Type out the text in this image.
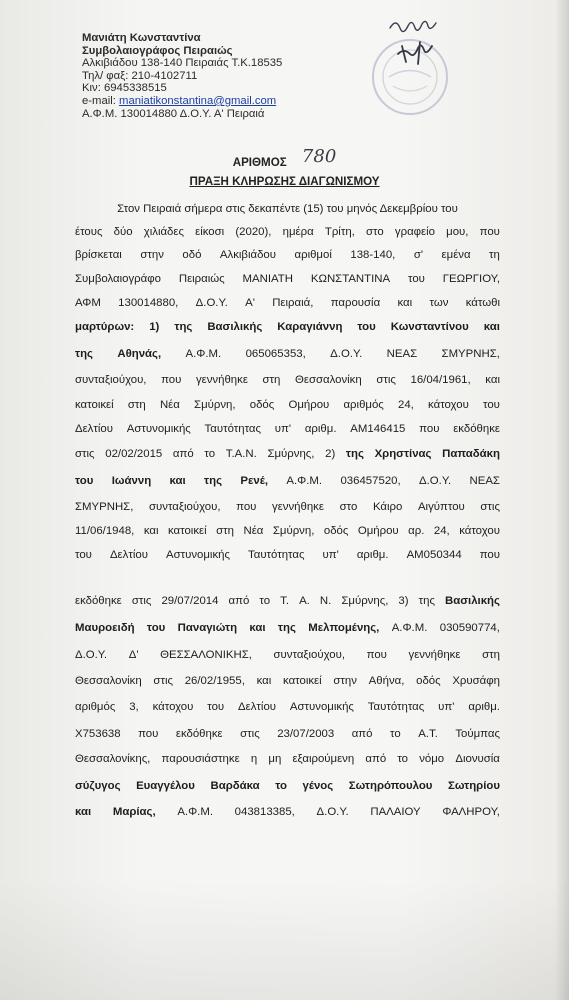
Μανιάτη Κωνσταντίνα
Συμβολαιογράφος Πειραιώς
Αλκιβιάδου 138-140 Πειραιάς Τ.Κ.18535
Τηλ/ φαξ: 210-4102711
Κιν: 6945338515
e-mail: maniatikonstantina@gmail.com
Α.Φ.Μ. 130014880 Δ.Ο.Υ. Α' Πειραιά
ΑΡΙΘΜΟΣ 780
ΠΡΑΞΗ ΚΛΗΡΩΣΗΣ ΔΙΑΓΩΝΙΣΜΟΥ
Στον Πειραιά σήμερα στις δεκαπέντε (15) του μηνός Δεκεμβρίου του
έτους δύο χιλιάδες είκοσι (2020), ημέρα Τρίτη, στο γραφείο μου, που
βρίσκεται στην οδό Αλκιβιάδου αριθμοί 138-140, σ' εμένα τη
Συμβολαιογράφο Πειραιώς ΜΑΝΙΑΤΗ ΚΩΝΣΤΑΝΤΙΝΑ του ΓΕΩΡΓΙΟΥ,
ΑΦΜ 130014880, Δ.Ο.Υ. Α' Πειραιά, παρουσία και των κάτωθι
μαρτύρων: 1) της Βασιλικής Καραγιάννη του Κωνσταντίνου και
της Αθηνάς, Α.Φ.Μ. 065065353, Δ.Ο.Υ. ΝΕΑΣ ΣΜΥΡΝΗΣ,
συνταξιούχου, που γεννήθηκε στη Θεσσαλονίκη στις 16/04/1961, και
κατοικεί στη Νέα Σμύρνη, οδός Ομήρου αριθμός 24, κάτοχου του
Δελτίου Αστυνομικής Ταυτότητας υπ' αριθμ. ΑΜ146415 που εκδόθηκε
στις 02/02/2015 από το Τ.Α.Ν. Σμύρνης, 2) της Χρηστίνας Παπαδάκη
του Ιωάννη και της Ρενέ, Α.Φ.Μ. 036457520, Δ.Ο.Υ. ΝΕΑΣ
ΣΜΥΡΝΗΣ, συνταξιούχου, που γεννήθηκε στο Κάιρο Αιγύπτου στις
11/06/1948, και κατοικεί στη Νέα Σμύρνη, οδός Ομήρου αρ. 24, κάτοχου
του Δελτίου Αστυνομικής Ταυτότητας υπ' αριθμ. ΑΜ050344 που
εκδόθηκε στις 29/07/2014 από το Τ. Α. Ν. Σμύρνης, 3) της Βασιλικής
Μαυροειδή του Παναγιώτη και της Μελπομένης, Α.Φ.Μ. 030590774,
Δ.Ο.Υ. Δ' ΘΕΣΣΑΛΟΝΙΚΗΣ, συνταξιούχου, που γεννήθηκε στη
Θεσσαλονίκη στις 26/02/1955, και κατοικεί στην Αθήνα, οδός Χρυσάφη
αριθμός 3, κάτοχου του Δελτίου Αστυνομικής Ταυτότητας υπ' αριθμ.
Χ753638 που εκδόθηκε στις 23/07/2003 από το Α.Τ. Τούμπας
Θεσσαλονίκης, παρουσιάστηκε η μη εξαιρούμενη από το νόμο Διονυσία
σύζυγος Ευαγγέλου Βαρδάκα το γένος Σωτηρόπουλου Σωτηρίου
και Μαρίας, Α.Φ.Μ. 043813385, Δ.Ο.Υ. ΠΑΛΑΙΟΥ ΦΑΛΗΡΟΥ,
